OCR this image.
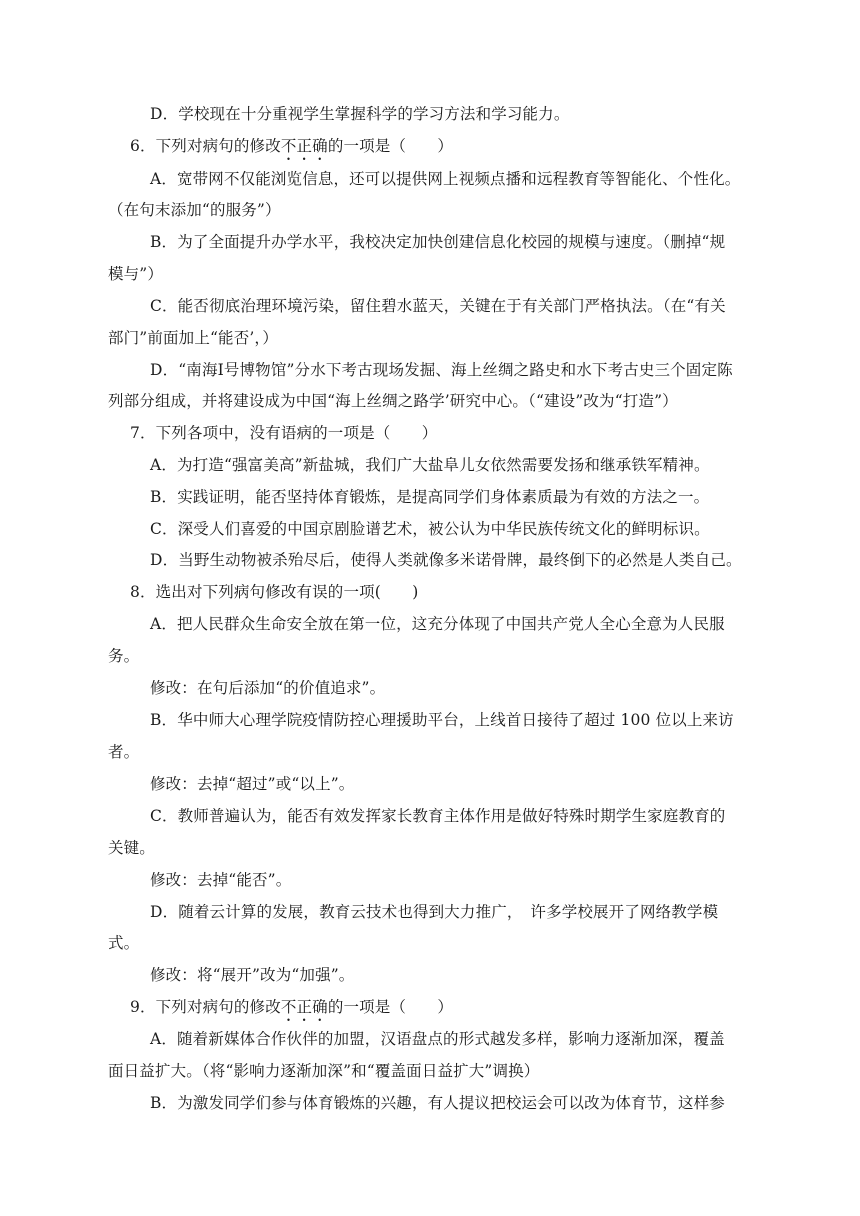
D．学校现在十分重视学生掌握科学的学习方法和学习能力。
6．下列对病句的修改不正确的一项是（　　）
A．宽带网不仅能浏览信息，还可以提供网上视频点播和远程教育等智能化、个性化。
（在句末添加“的服务”）
B．为了全面提升办学水平，我校决定加快创建信息化校园的规模与速度。（删掉“规
模与”）
C．能否彻底治理环境污染，留住碧水蓝天，关键在于有关部门严格执法。（在“有关
部门”前面加上“能否’，）
D．“南海Ⅰ号博物馆”分水下考古现场发掘、海上丝绸之路史和水下考古史三个固定陈
列部分组成，并将建设成为中国“海上丝绸之路学’研究中心。（“建设”改为“打造”）
7．下列各项中，没有语病的一项是（　　）
A．为打造“强富美高”新盐城，我们广大盐阜儿女依然需要发扬和继承铁军精神。
B．实践证明，能否坚持体育锻炼，是提高同学们身体素质最为有效的方法之一。
C．深受人们喜爱的中国京剧脸谱艺术，被公认为中华民族传统文化的鲜明标识。
D．当野生动物被杀殆尽后，使得人类就像多米诺骨牌，最终倒下的必然是人类自己。
8．选出对下列病句修改有误的一项(　　)
A．把人民群众生命安全放在第一位，这充分体现了中国共产党人全心全意为人民服
务。
修改：在句后添加“的价值追求”。
B．华中师大心理学院疫情防控心理援助平台，上线首日接待了超过 100 位以上来访
者。
修改：去掉“超过”或“以上”。
C．教师普遍认为，能否有效发挥家长教育主体作用是做好特殊时期学生家庭教育的
关键。
修改：去掉“能否”。
D．随着云计算的发展，教育云技术也得到大力推广，　许多学校展开了网络教学模
式。
修改：将“展开”改为“加强”。
9．下列对病句的修改不正确的一项是（　　）
A．随着新媒体合作伙伴的加盟，汉语盘点的形式越发多样，影响力逐渐加深，覆盖
面日益扩大。（将“影响力逐渐加深”和“覆盖面日益扩大”调换）
B．为激发同学们参与体育锻炼的兴趣，有人提议把校运会可以改为体育节，这样参
